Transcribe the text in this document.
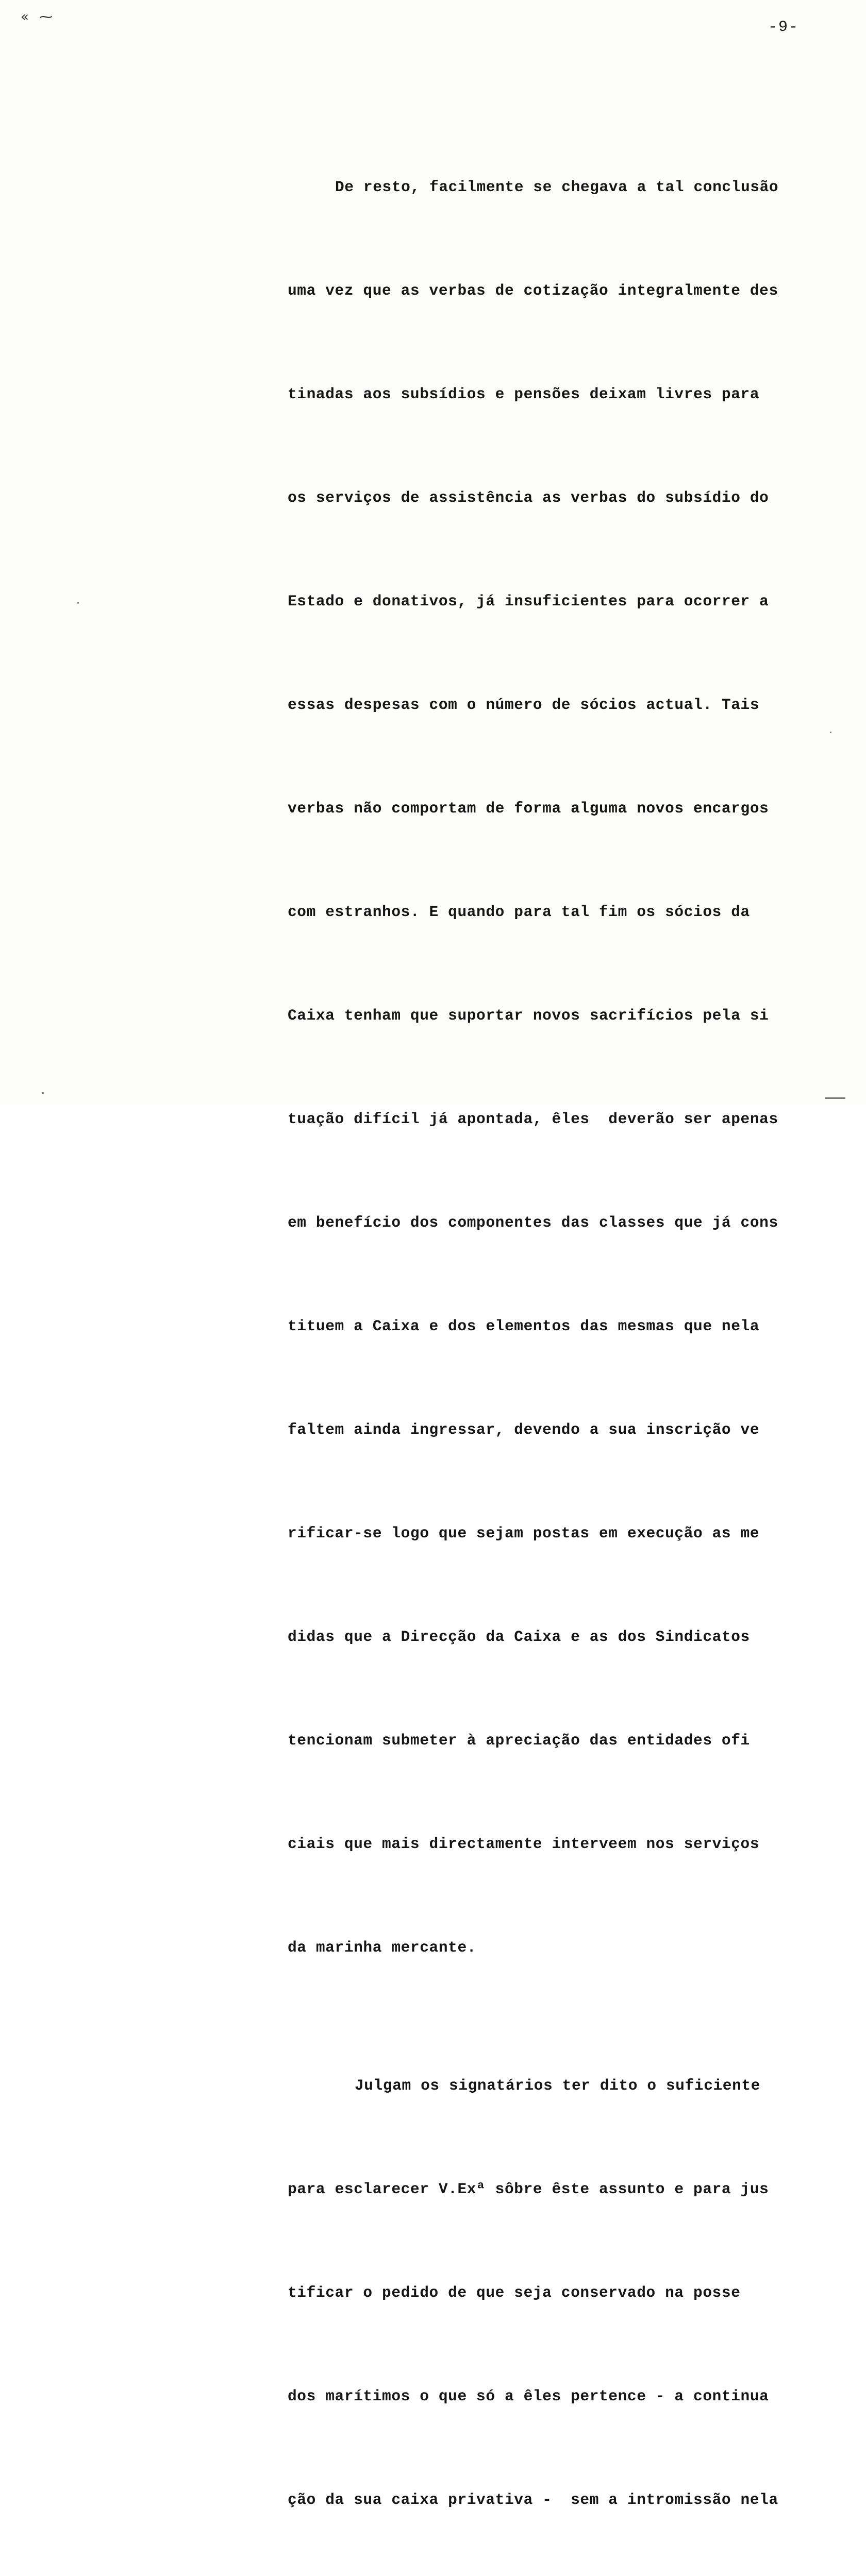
« ⁓
-9-

De resto, facilmente se chegava a tal conclusão

uma vez que as verbas de cotização integralmente des

tinadas aos subsídios e pensões deixam livres para

os serviços de assistência as verbas do subsídio do

Estado e donativos, já insuficientes para ocorrer a

essas despesas com o número de sócios actual. Tais

verbas não comportam de forma alguma novos encargos

com estranhos. E quando para tal fim os sócios da

Caixa tenham que suportar novos sacrifícios pela si

tuação difícil já apontada, êles  deverão ser apenas

em benefício dos componentes das classes que já cons

tituem a Caixa e dos elementos das mesmas que nela

faltem ainda ingressar, devendo a sua inscrição ve

rificar-se logo que sejam postas em execução as me

didas que a Direcção da Caixa e as dos Sindicatos

tencionam submeter à apreciação das entidades ofi

ciais que mais directamente interveem nos serviços

da marinha mercante.

Julgam os signatários ter dito o suficiente

para esclarecer V.Exª sôbre êste assunto e para jus

tificar o pedido de que seja conservado na posse

dos marítimos o que só a êles pertence - a continua

ção da sua caixa privativa -  sem a intromissão nela
